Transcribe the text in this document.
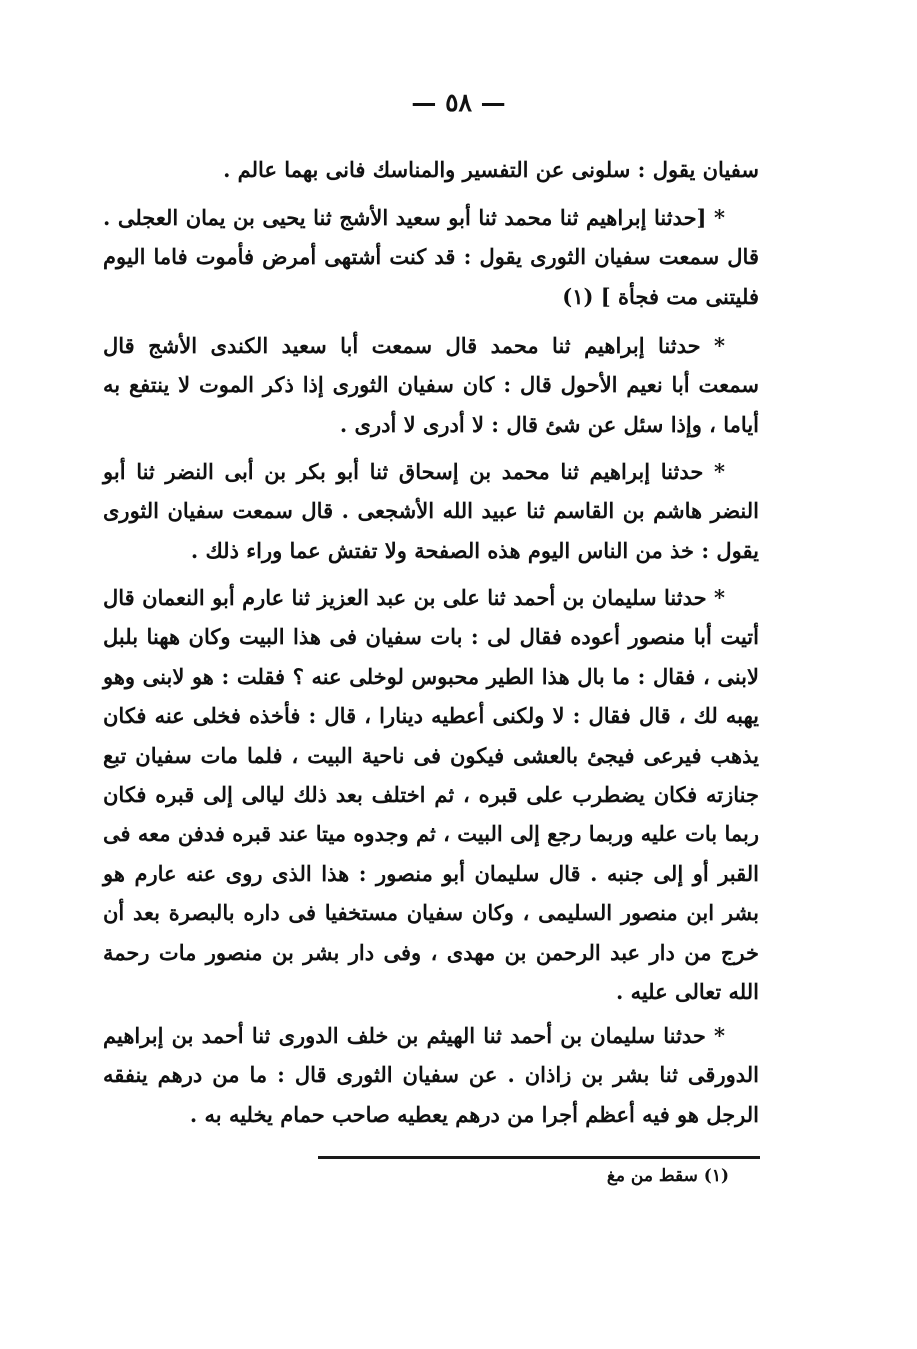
— ٥٨ —

سفيان يقول : سلونى عن التفسير والمناسك فانى بهما عالم .

* [حدثنا إبراهيم ثنا محمد ثنا أبو سعيد الأشج ثنا يحيى بن يمان العجلى . قال سمعت سفيان الثورى يقول : قد كنت أشتهى أمرض فأموت فاما اليوم فليتنى مت فجأة ] (١)

* حدثنا إبراهيم ثنا محمد قال سمعت أبا سعيد الكندى الأشج قال سمعت أبا نعيم الأحول قال : كان سفيان الثورى إذا ذكر الموت لا ينتفع به أياما ، وإذا سئل عن شئ قال : لا أدرى لا أدرى .

* حدثنا إبراهيم ثنا محمد بن إسحاق ثنا أبو بكر بن أبى النضر ثنا أبو النضر هاشم بن القاسم ثنا عبيد الله الأشجعى . قال سمعت سفيان الثورى يقول : خذ من الناس اليوم هذه الصفحة ولا تفتش عما وراء ذلك .

* حدثنا سليمان بن أحمد ثنا على بن عبد العزيز ثنا عارم أبو النعمان قال أتيت أبا منصور أعوده فقال لى : بات سفيان فى هذا البيت وكان ههنا بلبل لابنى ، فقال : ما بال هذا الطير محبوس لوخلى عنه ؟ فقلت : هو لابنى وهو يهبه لك ، قال فقال : لا ولكنى أعطيه دينارا ، قال : فأخذه فخلى عنه فكان يذهب فيرعى فيجئ بالعشى فيكون فى ناحية البيت ، فلما مات سفيان تبع جنازته فكان يضطرب على قبره ، ثم اختلف بعد ذلك ليالى إلى قبره فكان ربما بات عليه وربما رجع إلى البيت ، ثم وجدوه ميتا عند قبره فدفن معه فى القبر أو إلى جنبه . قال سليمان أبو منصور : هذا الذى روى عنه عارم هو بشر ابن منصور السليمى ، وكان سفيان مستخفيا فى داره بالبصرة بعد أن خرج من دار عبد الرحمن بن مهدى ، وفى دار بشر بن منصور مات رحمة الله تعالى عليه .

* حدثنا سليمان بن أحمد ثنا الهيثم بن خلف الدورى ثنا أحمد بن إبراهيم الدورقى ثنا بشر بن زاذان . عن سفيان الثورى قال : ما من درهم ينفقه الرجل هو فيه أعظم أجرا من درهم يعطيه صاحب حمام يخليه به .

(١) سقط من مغ
